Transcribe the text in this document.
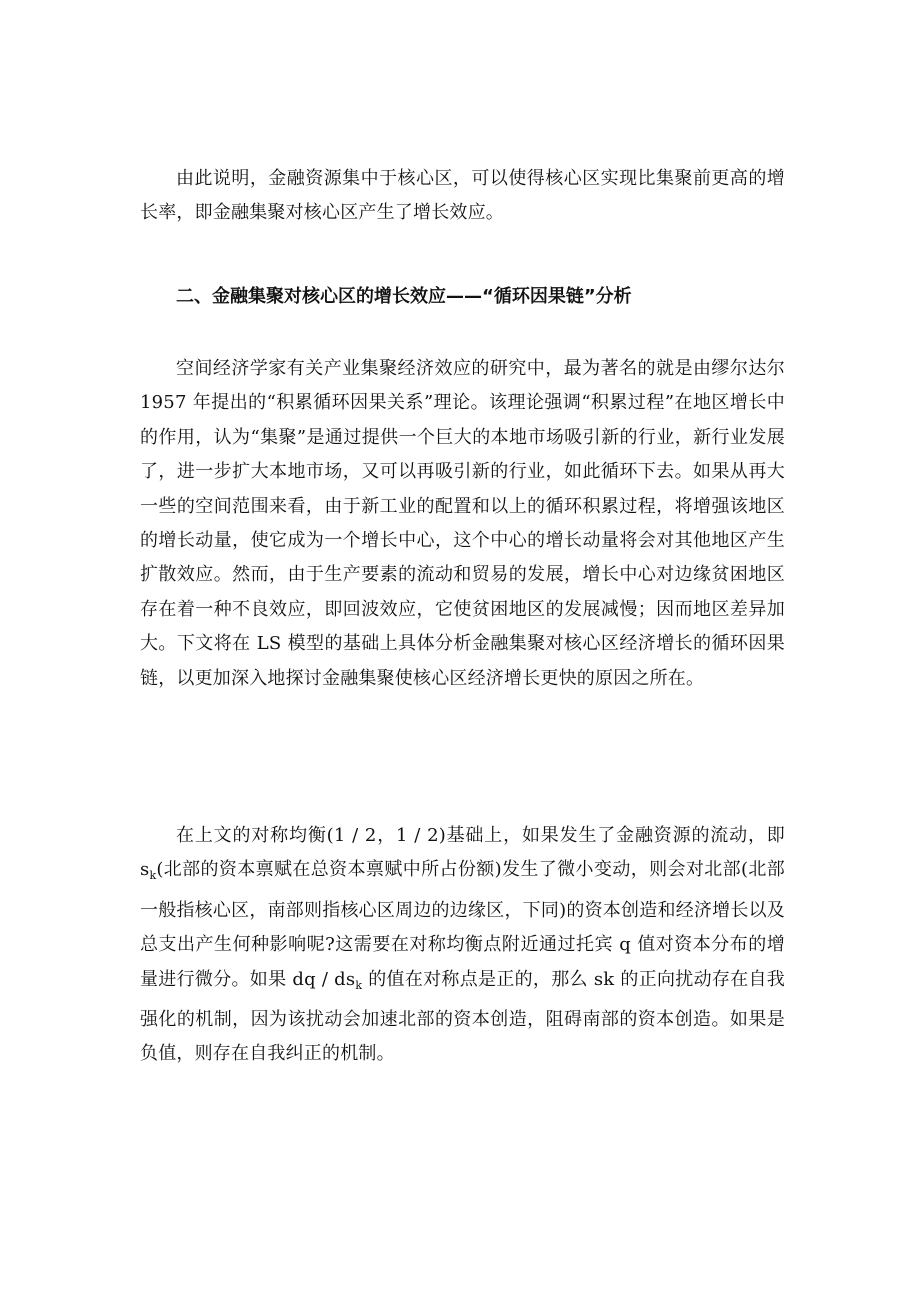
由此说明，金融资源集中于核心区，可以使得核心区实现比集聚前更高的增长率，即金融集聚对核心区产生了增长效应。

二、金融集聚对核心区的增长效应——“循环因果链”分析

空间经济学家有关产业集聚经济效应的研究中，最为著名的就是由缪尔达尔 1957 年提出的“积累循环因果关系”理论。该理论强调“积累过程”在地区增长中的作用，认为“集聚”是通过提供一个巨大的本地市场吸引新的行业，新行业发展了，进一步扩大本地市场，又可以再吸引新的行业，如此循环下去。如果从再大一些的空间范围来看，由于新工业的配置和以上的循环积累过程，将增强该地区的增长动量，使它成为一个增长中心，这个中心的增长动量将会对其他地区产生扩散效应。然而，由于生产要素的流动和贸易的发展，增长中心对边缘贫困地区存在着一种不良效应，即回波效应，它使贫困地区的发展减慢；因而地区差异加大。下文将在 LS 模型的基础上具体分析金融集聚对核心区经济增长的循环因果链，以更加深入地探讨金融集聚使核心区经济增长更快的原因之所在。

在上文的对称均衡(1 / 2，1 / 2)基础上，如果发生了金融资源的流动，即 $s_k$(北部的资本禀赋在总资本禀赋中所占份额)发生了微小变动，则会对北部(北部一般指核心区，南部则指核心区周边的边缘区，下同)的资本创造和经济增长以及总支出产生何种影响呢?这需要在对称均衡点附近通过托宾 q 值对资本分布的增量进行微分。如果 dq / $ds_k$ 的值在对称点是正的，那么 sk 的正向扰动存在自我强化的机制，因为该扰动会加速北部的资本创造，阻碍南部的资本创造。如果是负值，则存在自我纠正的机制。
